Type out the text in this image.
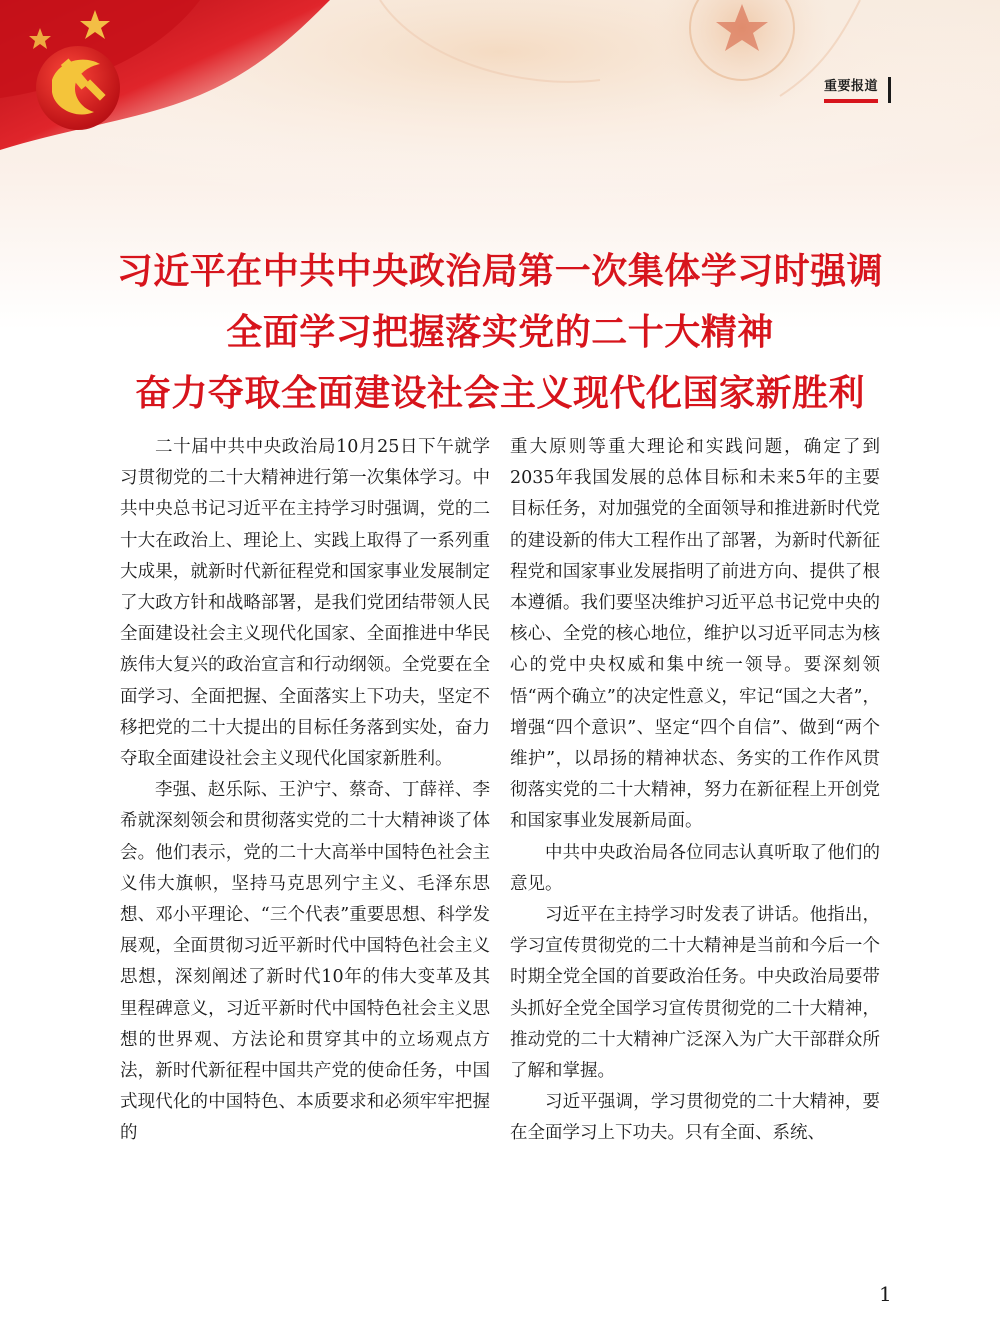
重要报道
习近平在中共中央政治局第一次集体学习时强调
全面学习把握落实党的二十大精神
奋力夺取全面建设社会主义现代化国家新胜利

二十届中共中央政治局10月25日下午就学习贯彻党的二十大精神进行第一次集体学习。中共中央总书记习近平在主持学习时强调，党的二十大在政治上、理论上、实践上取得了一系列重大成果，就新时代新征程党和国家事业发展制定了大政方针和战略部署，是我们党团结带领人民全面建设社会主义现代化国家、全面推进中华民族伟大复兴的政治宣言和行动纲领。全党要在全面学习、全面把握、全面落实上下功夫，坚定不移把党的二十大提出的目标任务落到实处，奋力夺取全面建设社会主义现代化国家新胜利。

李强、赵乐际、王沪宁、蔡奇、丁薛祥、李希就深刻领会和贯彻落实党的二十大精神谈了体会。他们表示，党的二十大高举中国特色社会主义伟大旗帜，坚持马克思列宁主义、毛泽东思想、邓小平理论、“三个代表”重要思想、科学发展观，全面贯彻习近平新时代中国特色社会主义思想，深刻阐述了新时代10年的伟大变革及其里程碑意义，习近平新时代中国特色社会主义思想的世界观、方法论和贯穿其中的立场观点方法，新时代新征程中国共产党的使命任务，中国式现代化的中国特色、本质要求和必须牢牢把握的

重大原则等重大理论和实践问题，确定了到2035年我国发展的总体目标和未来5年的主要目标任务，对加强党的全面领导和推进新时代党的建设新的伟大工程作出了部署，为新时代新征程党和国家事业发展指明了前进方向、提供了根本遵循。我们要坚决维护习近平总书记党中央的核心、全党的核心地位，维护以习近平同志为核心的党中央权威和集中统一领导。要深刻领悟“两个确立”的决定性意义，牢记“国之大者”，增强“四个意识”、坚定“四个自信”、做到“两个维护”，以昂扬的精神状态、务实的工作作风贯彻落实党的二十大精神，努力在新征程上开创党和国家事业发展新局面。

中共中央政治局各位同志认真听取了他们的意见。

习近平在主持学习时发表了讲话。他指出，学习宣传贯彻党的二十大精神是当前和今后一个时期全党全国的首要政治任务。中央政治局要带头抓好全党全国学习宣传贯彻党的二十大精神，推动党的二十大精神广泛深入为广大干部群众所了解和掌握。

习近平强调，学习贯彻党的二十大精神，要在全面学习上下功夫。只有全面、系统、

1
